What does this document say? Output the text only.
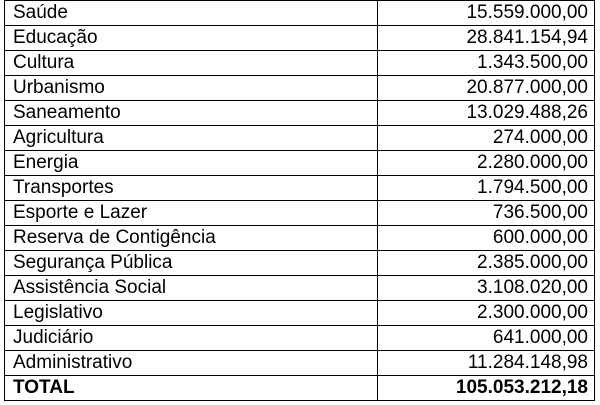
Saúde	15.559.000,00
Educação	28.841.154,94
Cultura	1.343.500,00
Urbanismo	20.877.000,00
Saneamento	13.029.488,26
Agricultura	274.000,00
Energia	2.280.000,00
Transportes	1.794.500,00
Esporte e Lazer	736.500,00
Reserva de Contigência	600.000,00
Segurança Pública	2.385.000,00
Assistência Social	3.108.020,00
Legislativo	2.300.000,00
Judiciário	641.000,00
Administrativo	11.284.148,98
TOTAL	105.053.212,18
